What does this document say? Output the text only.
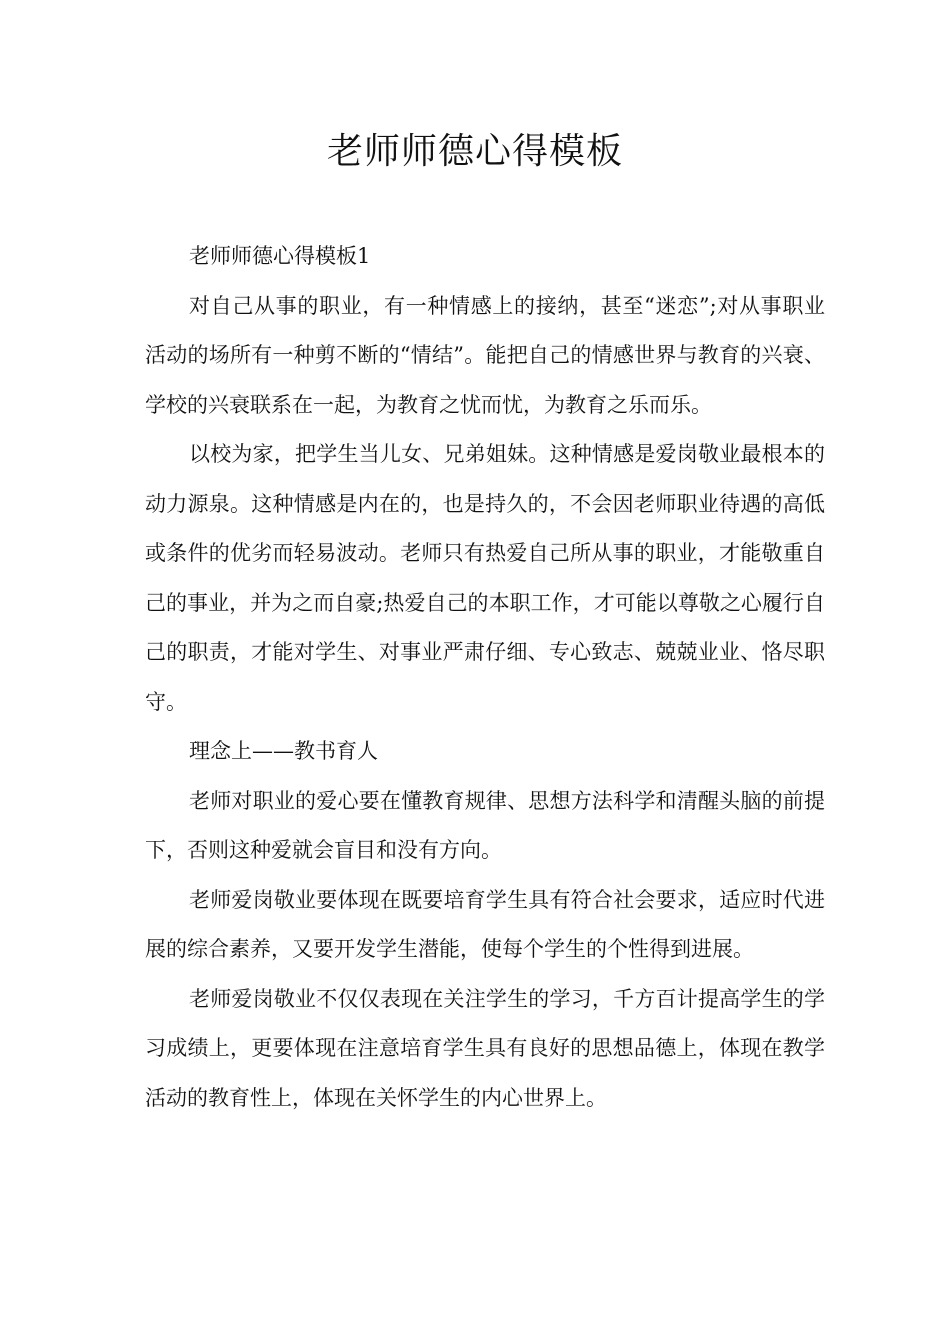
老师师德心得模板

老师师德心得模板1

对自己从事的职业，有一种情感上的接纳，甚至“迷恋”;对从事职业活动的场所有一种剪不断的“情结”。能把自己的情感世界与教育的兴衰、学校的兴衰联系在一起，为教育之忧而忧，为教育之乐而乐。

以校为家，把学生当儿女、兄弟姐妹。这种情感是爱岗敬业最根本的动力源泉。这种情感是内在的，也是持久的，不会因老师职业待遇的高低或条件的优劣而轻易波动。老师只有热爱自己所从事的职业，才能敬重自己的事业，并为之而自豪;热爱自己的本职工作，才可能以尊敬之心履行自己的职责，才能对学生、对事业严肃仔细、专心致志、兢兢业业、恪尽职守。

理念上——教书育人

老师对职业的爱心要在懂教育规律、思想方法科学和清醒头脑的前提下，否则这种爱就会盲目和没有方向。

老师爱岗敬业要体现在既要培育学生具有符合社会要求，适应时代进展的综合素养，又要开发学生潜能，使每个学生的个性得到进展。

老师爱岗敬业不仅仅表现在关注学生的学习，千方百计提高学生的学习成绩上，更要体现在注意培育学生具有良好的思想品德上，体现在教学活动的教育性上，体现在关怀学生的内心世界上。
